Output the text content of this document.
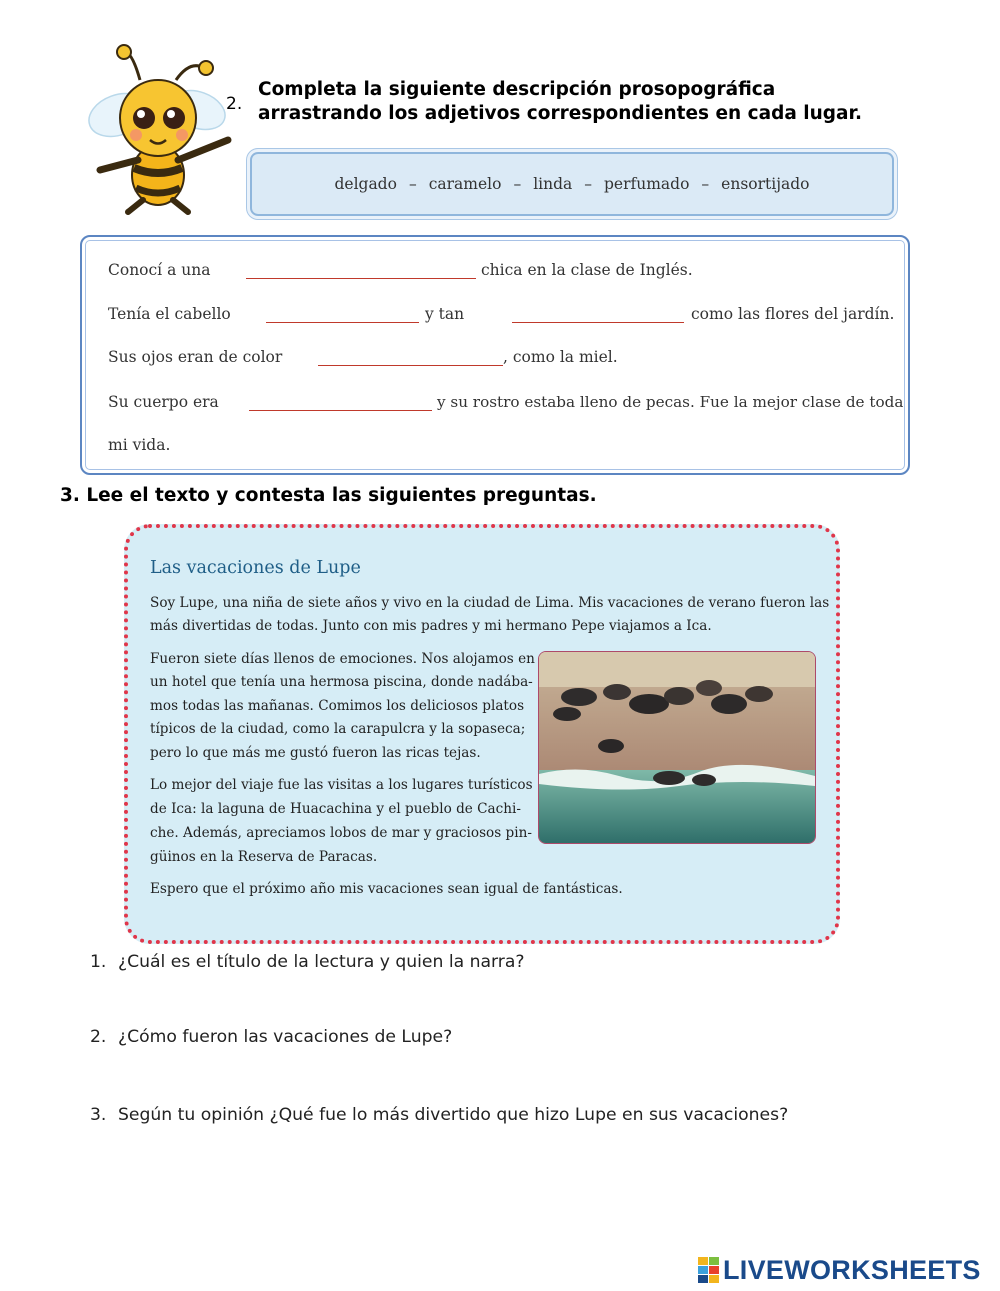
2.
Completa la siguiente descripción prosopográfica
arrastrando los adjetivos correspondientes en cada lugar.
delgado – caramelo – linda – perfumado – ensortijado
Conocí a una	chica en la clase de Inglés.
Tenía el cabello	y tan	como las flores del jardín.
Sus ojos eran de color	, como la miel.
Su cuerpo era	y su rostro estaba lleno de pecas. Fue la mejor clase de toda
mi vida.
3. Lee el texto y contesta las siguientes preguntas.
Las vacaciones de Lupe
Soy Lupe, una niña de siete años y vivo en la ciudad de Lima. Mis vacaciones de verano fueron las
más divertidas de todas. Junto con mis padres y mi hermano Pepe viajamos a Ica.
Fueron siete días llenos de emociones. Nos alojamos en
un hotel que tenía una hermosa piscina, donde nadába-
mos todas las mañanas. Comimos los deliciosos platos
típicos de la ciudad, como la carapulcra y la sopaseca;
pero lo que más me gustó fueron las ricas tejas.
Lo mejor del viaje fue las visitas a los lugares turísticos
de Ica: la laguna de Huacachina y el pueblo de Cachi-
che. Además, apreciamos lobos de mar y graciosos pin-
güinos en la Reserva de Paracas.
Espero que el próximo año mis vacaciones sean igual de fantásticas.
1. ¿Cuál es el título de la lectura y quien la narra?
2. ¿Cómo fueron las vacaciones de Lupe?
3. Según tu opinión ¿Qué fue lo más divertido que hizo Lupe en sus vacaciones?
LIVEWORKSHEETS
